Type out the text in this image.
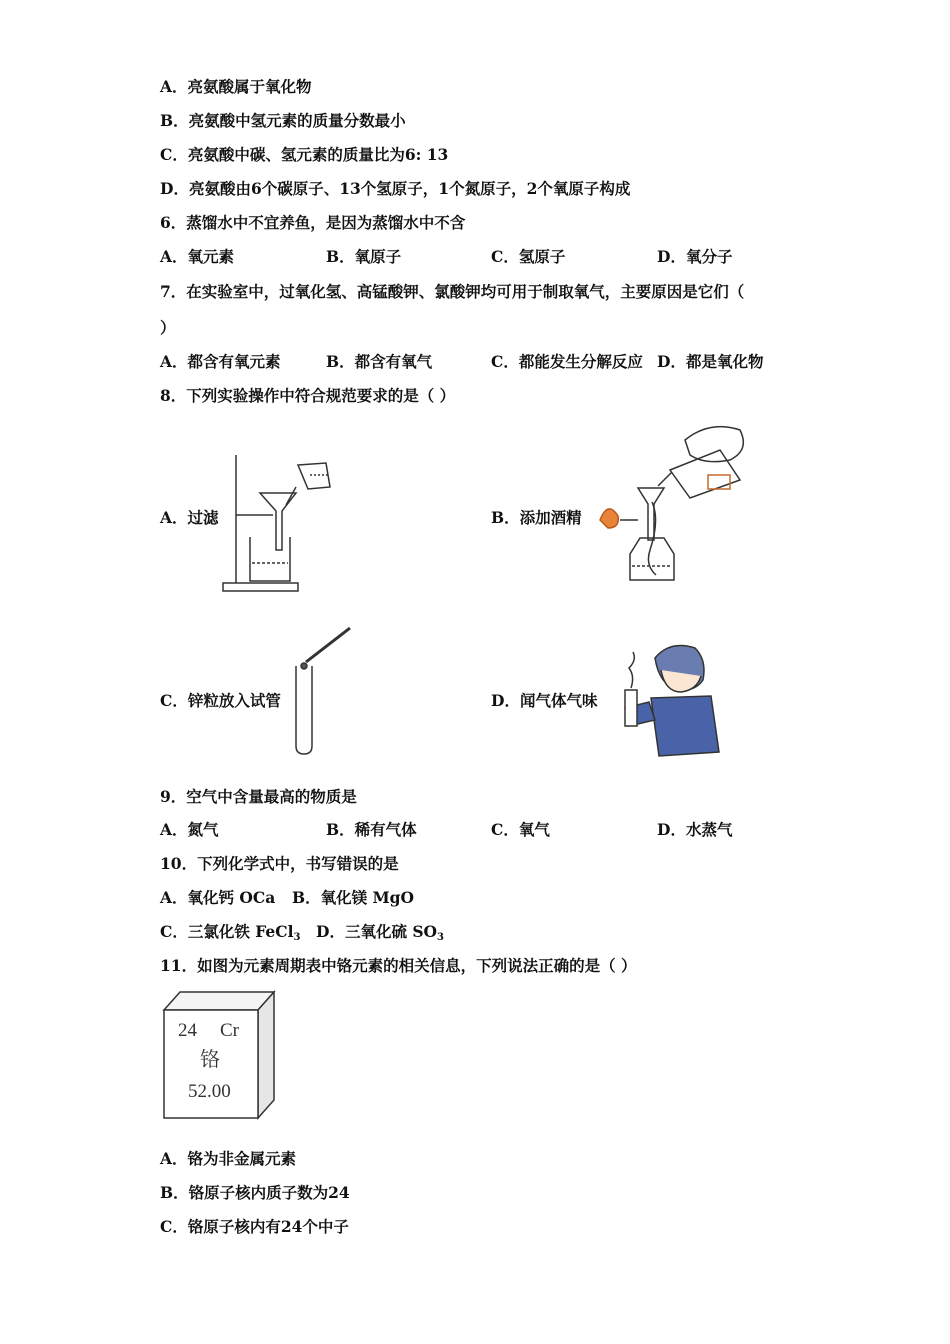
A．亮氨酸属于氧化物
B．亮氨酸中氢元素的质量分数最小
C．亮氨酸中碳、氢元素的质量比为6: 13
D．亮氨酸由6个碳原子、13个氢原子，1个氮原子，2个氧原子构成
6．蒸馏水中不宜养鱼，是因为蒸馏水中不含
A．氧元素	B．氧原子	C．氢原子	D．氧分子
7．在实验室中，过氧化氢、高锰酸钾、氯酸钾均可用于制取氧气，主要原因是它们（
）
A．都含有氧元素	B．都含有氧气	C．都能发生分解反应 D．都是氧化物
8．下列实验操作中符合规范要求的是（ ）
A．过滤	B．添加酒精
C．锌粒放入试管	D．闻气体气味
9．空气中含量最高的物质是
A．氮气	B．稀有气体	C．氧气	D．水蒸气
10．下列化学式中，书写错误的是
A．氧化钙 OCa B．氧化镁 MgO
C．三氯化铁 FeCl$_3$ D．三氧化硫 $SO_3$
11．如图为元素周期表中铬元素的相关信息，下列说法正确的是（ ）
24 Cr
铬
52.00
A．铬为非金属元素
B．铬原子核内质子数为24
C．铬原子核内有24个中子
